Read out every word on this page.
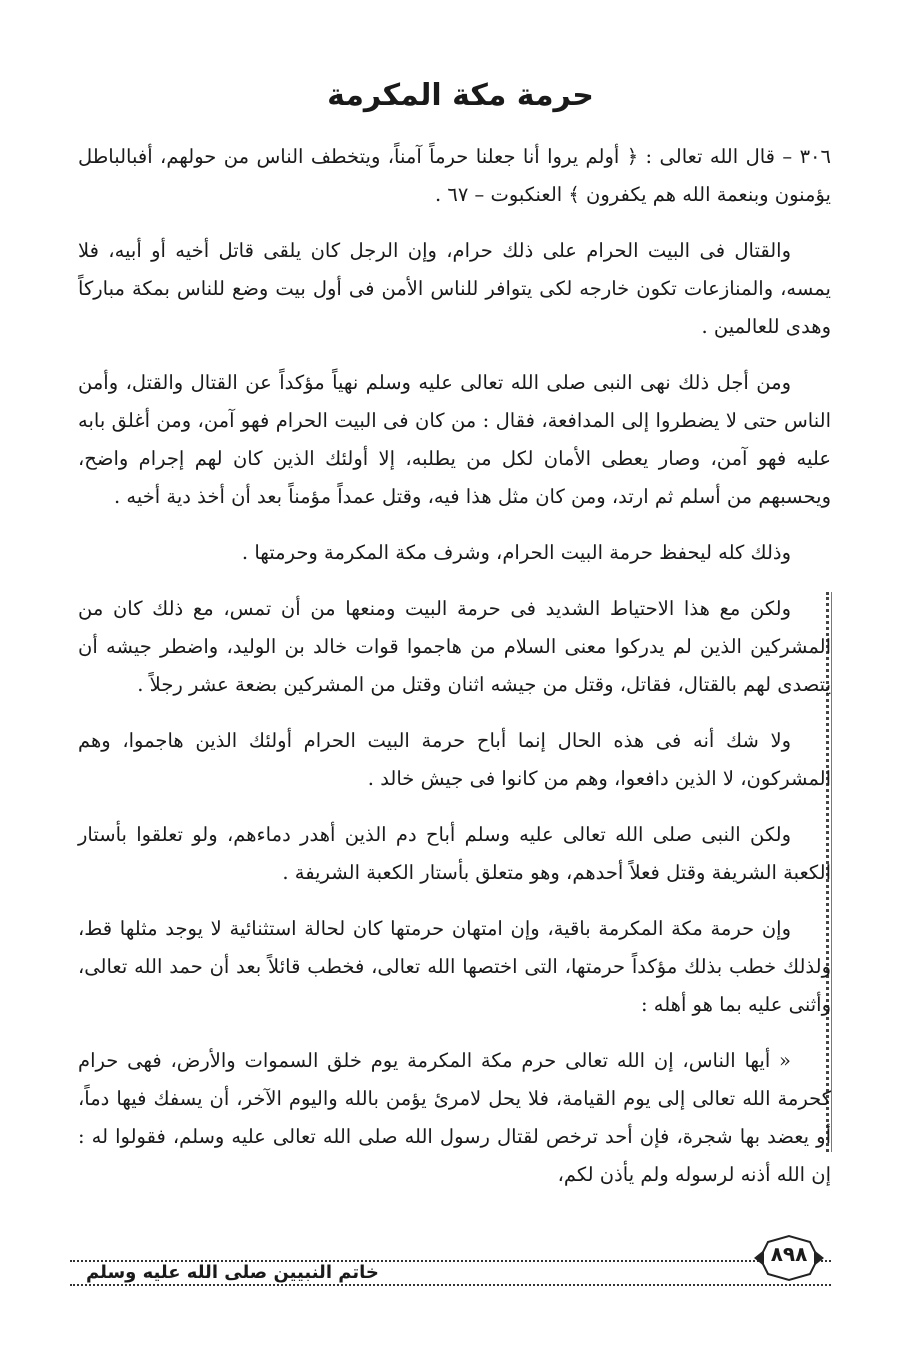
حرمة مكة المكرمة

٣٠٦ – قال الله تعالى : ﴿ أولم يروا أنا جعلنا حرماً آمناً، ويتخطف الناس من حولهم، أفبالباطل يؤمنون وبنعمة الله هم يكفرون ﴾ العنكبوت – ٦٧ .

والقتال فى البيت الحرام على ذلك حرام، وإن الرجل كان يلقى قاتل أخيه أو أبيه، فلا يمسه، والمنازعات تكون خارجه لكى يتوافر للناس الأمن فى أول بيت وضع للناس بمكة مباركاً وهدى للعالمين .

ومن أجل ذلك نهى النبى صلى الله تعالى عليه وسلم نهياً مؤكداً عن القتال والقتل، وأمن الناس حتى لا يضطروا إلى المدافعة، فقال : من كان فى البيت الحرام فهو آمن، ومن أغلق بابه عليه فهو آمن، وصار يعطى الأمان لكل من يطلبه، إلا أولئك الذين كان لهم إجرام واضح، ويحسبهم من أسلم ثم ارتد، ومن كان مثل هذا فيه، وقتل عمداً مؤمناً بعد أن أخذ دية أخيه .

وذلك كله ليحفظ حرمة البيت الحرام، وشرف مكة المكرمة وحرمتها .

ولكن مع هذا الاحتياط الشديد فى حرمة البيت ومنعها من أن تمس، مع ذلك كان من المشركين الذين لم يدركوا معنى السلام من هاجموا قوات خالد بن الوليد، واضطر جيشه أن يتصدى لهم بالقتال، فقاتل، وقتل من جيشه اثنان وقتل من المشركين بضعة عشر رجلاً .

ولا شك أنه فى هذه الحال إنما أباح حرمة البيت الحرام أولئك الذين هاجموا، وهم المشركون، لا الذين دافعوا، وهم من كانوا فى جيش خالد .

ولكن النبى صلى الله تعالى عليه وسلم أباح دم الذين أهدر دماءهم، ولو تعلقوا بأستار الكعبة الشريفة وقتل فعلاً أحدهم، وهو متعلق بأستار الكعبة الشريفة .

وإن حرمة مكة المكرمة باقية، وإن امتهان حرمتها كان لحالة استثنائية لا يوجد مثلها قط، ولذلك خطب بذلك مؤكداً حرمتها، التى اختصها الله تعالى، فخطب قائلاً بعد أن حمد الله تعالى، وأثنى عليه بما هو أهله :

« أيها الناس، إن الله تعالى حرم مكة المكرمة يوم خلق السموات والأرض، فهى حرام كحرمة الله تعالى إلى يوم القيامة، فلا يحل لامرئ يؤمن بالله واليوم الآخر، أن يسفك فيها دماً، أو يعضد بها شجرة، فإن أحد ترخص لقتال رسول الله صلى الله تعالى عليه وسلم، فقولوا له : إن الله أذنه لرسوله ولم يأذن لكم،

خاتم النبيين صلى الله عليه وسلم
٨٩٨
